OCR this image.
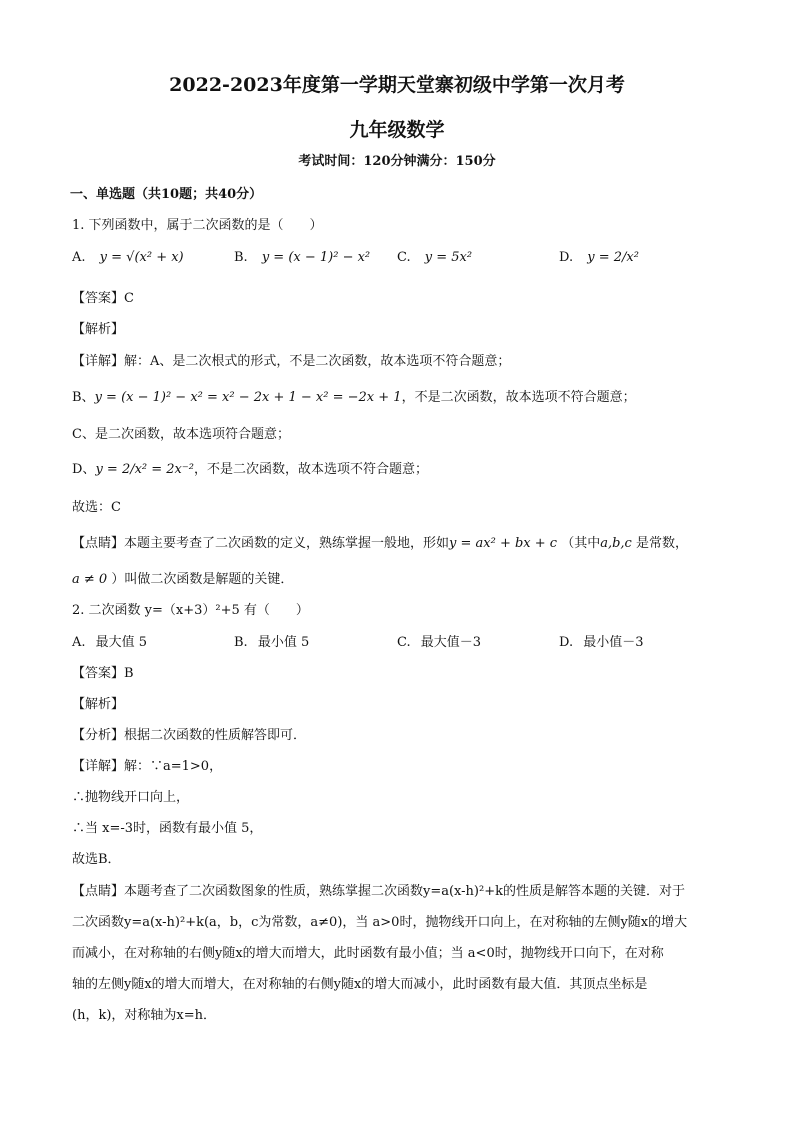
2022-2023年度第一学期天堂寨初级中学第一次月考
九年级数学
考试时间：120分钟满分：150分
一、单选题（共10题；共40分）
1. 下列函数中，属于二次函数的是（　　）
A. y = √(x² + x)	B. y = (x − 1)² − x² C. y = 5x²	D. y = 2/x²
【答案】C
【解析】
【详解】解：A、是二次根式的形式，不是二次函数，故本选项不符合题意；
B、y = (x − 1)² − x² = x² − 2x + 1 − x² = −2x + 1，不是二次函数，故本选项不符合题意；
C、是二次函数，故本选项符合题意；
D、y = 2/x² = 2x⁻²，不是二次函数，故本选项不符合题意；
故选：C
【点睛】本题主要考查了二次函数的定义，熟练掌握一般地，形如y = ax² + bx + c （其中a,b,c 是常数，
a ≠ 0 ）叫做二次函数是解题的关键．
2. 二次函数 y=（x+3）²+5 有（　　）
A. 最大值 5	B. 最小值 5	C. 最大值－3	D. 最小值－3
【答案】B
【解析】
【分析】根据二次函数的性质解答即可．
【详解】解：∵a=1>0，
∴抛物线开口向上，
∴当 x=-3时，函数有最小值 5，
故选B．
【点睛】本题考查了二次函数图象的性质，熟练掌握二次函数y=a(x-h)²+k的性质是解答本题的关键．对于
二次函数y=a(x-h)²+k(a，b，c为常数，a≠0)，当 a>0时，抛物线开口向上，在对称轴的左侧y随x的增大
而减小，在对称轴的右侧y随x的增大而增大，此时函数有最小值；当 a<0时，抛物线开口向下，在对称
轴的左侧y随x的增大而增大，在对称轴的右侧y随x的增大而减小，此时函数有最大值．其顶点坐标是
(h，k)，对称轴为x=h．
